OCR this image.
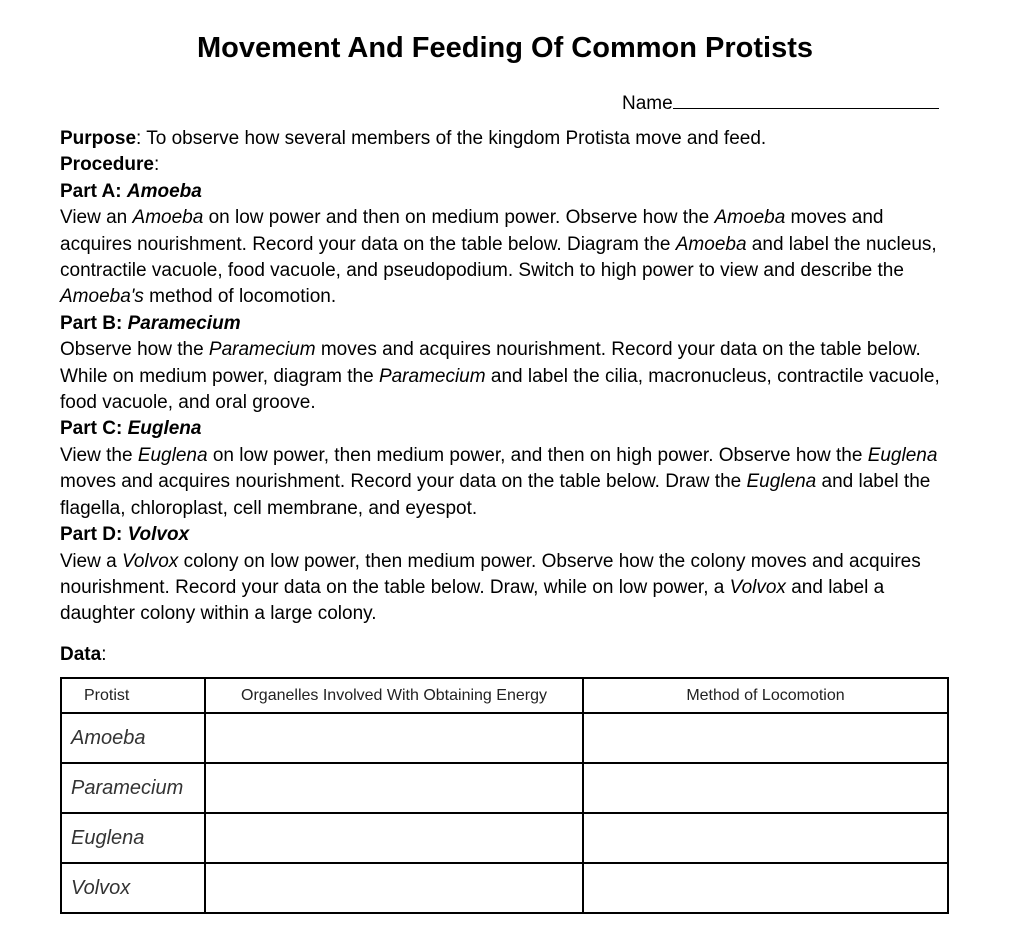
Movement And Feeding Of Common Protists
Name

Purpose: To observe how several members of the kingdom Protista move and feed.

Procedure:

Part A: Amoeba

View an Amoeba on low power and then on medium power. Observe how the Amoeba moves and acquires nourishment. Record your data on the table below. Diagram the Amoeba and label the nucleus, contractile vacuole, food vacuole, and pseudopodium. Switch to high power to view and describe the Amoeba's method of locomotion.

Part B: Paramecium

Observe how the Paramecium moves and acquires nourishment. Record your data on the table below. While on medium power, diagram the Paramecium and label the cilia, macronucleus, contractile vacuole, food vacuole, and oral groove.

Part C: Euglena

View the Euglena on low power, then medium power, and then on high power. Observe how the Euglena moves and acquires nourishment. Record your data on the table below. Draw the Euglena and label the flagella, chloroplast, cell membrane, and eyespot.

Part D: Volvox

View a Volvox colony on low power, then medium power. Observe how the colony moves and acquires nourishment. Record your data on the table below. Draw, while on low power, a Volvox and label a daughter colony within a large colony.

Data:
Protist	Organelles Involved With Obtaining Energy	Method of Locomotion
Amoeba		
Paramecium		
Euglena		
Volvox		
